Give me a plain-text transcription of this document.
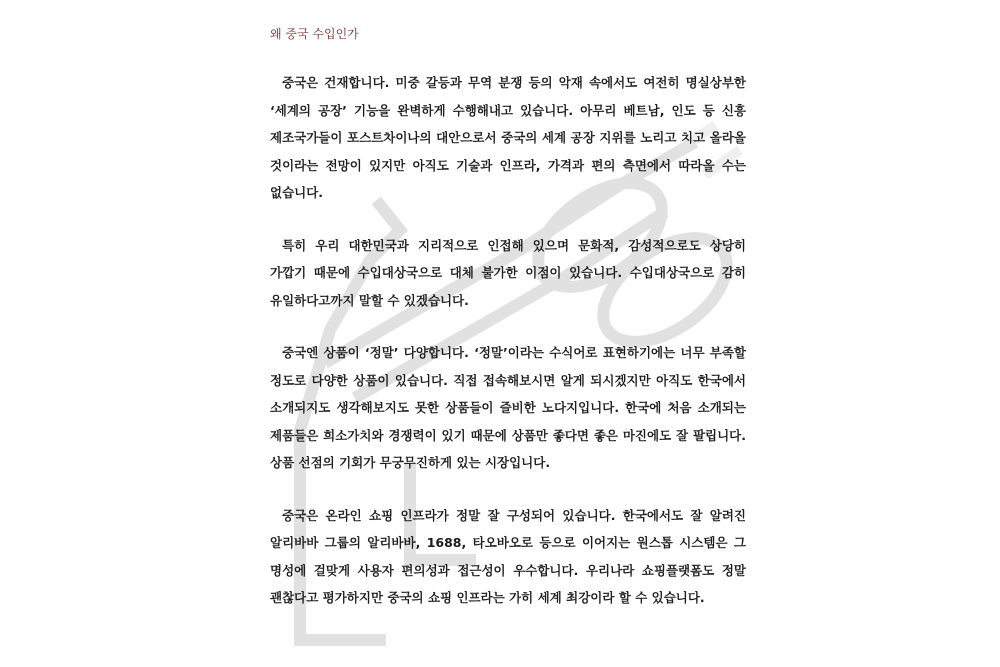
왜 중국 수입인가
중국은 건재합니다. 미중 갈등과 무역 분쟁 등의 악재 속에서도 여전히 명실상부한
‘세계의 공장’ 기능을 완벽하게 수행해내고 있습니다. 아무리 베트남, 인도 등 신흥
제조국가들이 포스트차이나의 대안으로서 중국의 세계 공장 지위를 노리고 치고 올라올
것이라는 전망이 있지만 아직도 기술과 인프라, 가격과 편의 측면에서 따라올 수는
없습니다.
특히 우리 대한민국과 지리적으로 인접해 있으며 문화적, 감성적으로도 상당히
가깝기 때문에 수입대상국으로 대체 불가한 이점이 있습니다. 수입대상국으로 감히
유일하다고까지 말할 수 있겠습니다.
중국엔 상품이 ‘정말’ 다양합니다. ‘정말’이라는 수식어로 표현하기에는 너무 부족할
정도로 다양한 상품이 있습니다. 직접 접속해보시면 알게 되시겠지만 아직도 한국에서
소개되지도 생각해보지도 못한 상품들이 즐비한 노다지입니다. 한국에 처음 소개되는
제품들은 희소가치와 경쟁력이 있기 때문에 상품만 좋다면 좋은 마진에도 잘 팔립니다.
상품 선점의 기회가 무궁무진하게 있는 시장입니다.
중국은 온라인 쇼핑 인프라가 정말 잘 구성되어 있습니다. 한국에서도 잘 알려진
알리바바 그룹의 알리바바, 1688, 타오바오로 등으로 이어지는 원스톱 시스템은 그
명성에 걸맞게 사용자 편의성과 접근성이 우수합니다. 우리나라 쇼핑플랫폼도 정말
괜찮다고 평가하지만 중국의 쇼핑 인프라는 가히 세계 최강이라 할 수 있습니다.
